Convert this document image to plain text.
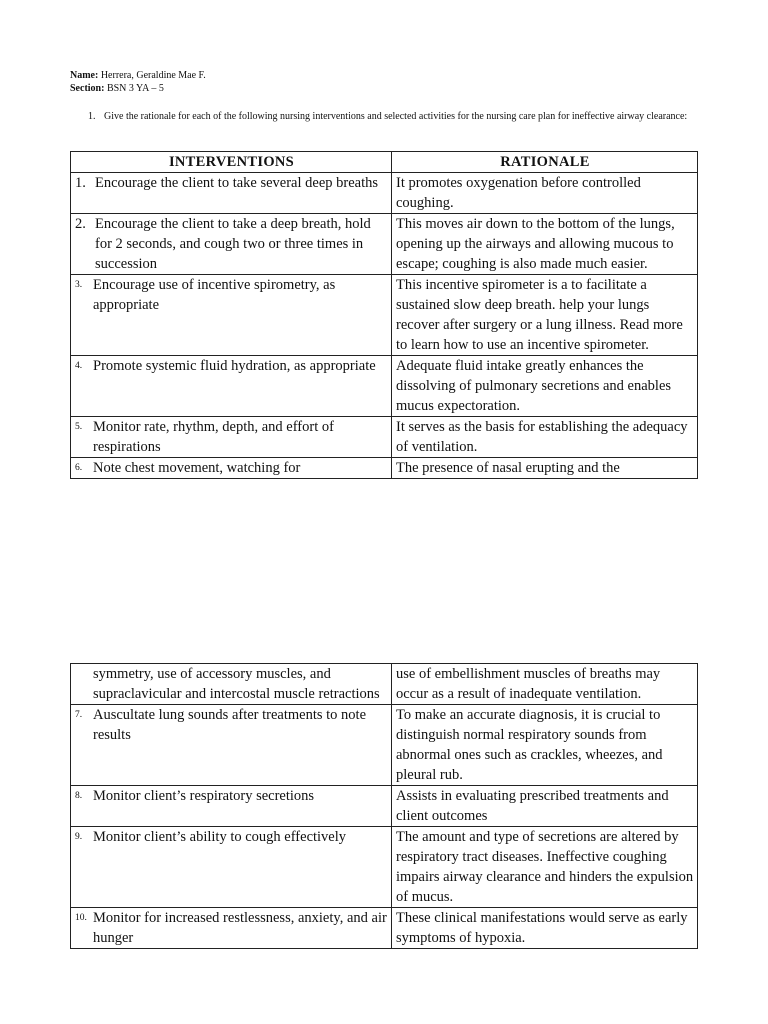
Name: Herrera, Geraldine Mae F.
Section: BSN 3 YA – 5
1. Give the rationale for each of the following nursing interventions and selected activities for the nursing care plan for ineffective airway clearance:
INTERVENTIONS	RATIONALE

1. Encourage the client to take several deep breaths	It promotes oxygenation before controlled coughing.

2. Encourage the client to take a deep breath, hold for 2 seconds, and cough two or three times in succession	This moves air down to the bottom of the lungs, opening up the airways and allowing mucous to escape; coughing is also made much easier.

3. Encourage use of incentive spirometry, as appropriate	This incentive spirometer is a to facilitate a sustained slow deep breath. help your lungs recover after surgery or a lung illness. Read more to learn how to use an incentive spirometer.

4. Promote systemic fluid hydration, as appropriate	Adequate fluid intake greatly enhances the dissolving of pulmonary secretions and enables mucus expectoration.

5. Monitor rate, rhythm, depth, and effort of respirations	It serves as the basis for establishing the adequacy of ventilation.

6. Note chest movement, watching for	The presence of nasal erupting and the
symmetry, use of accessory muscles, and supraclavicular and intercostal muscle retractions	use of embellishment muscles of breaths may occur as a result of inadequate ventilation.

7. Auscultate lung sounds after treatments to note results	To make an accurate diagnosis, it is crucial to distinguish normal respiratory sounds from abnormal ones such as crackles, wheezes, and pleural rub.

8. Monitor client’s respiratory secretions	Assists in evaluating prescribed treatments and client outcomes

9. Monitor client’s ability to cough effectively	The amount and type of secretions are altered by respiratory tract diseases. Ineffective coughing impairs airway clearance and hinders the expulsion of mucus.

10. Monitor for increased restlessness, anxiety, and air hunger	These clinical manifestations would serve as early symptoms of hypoxia.
